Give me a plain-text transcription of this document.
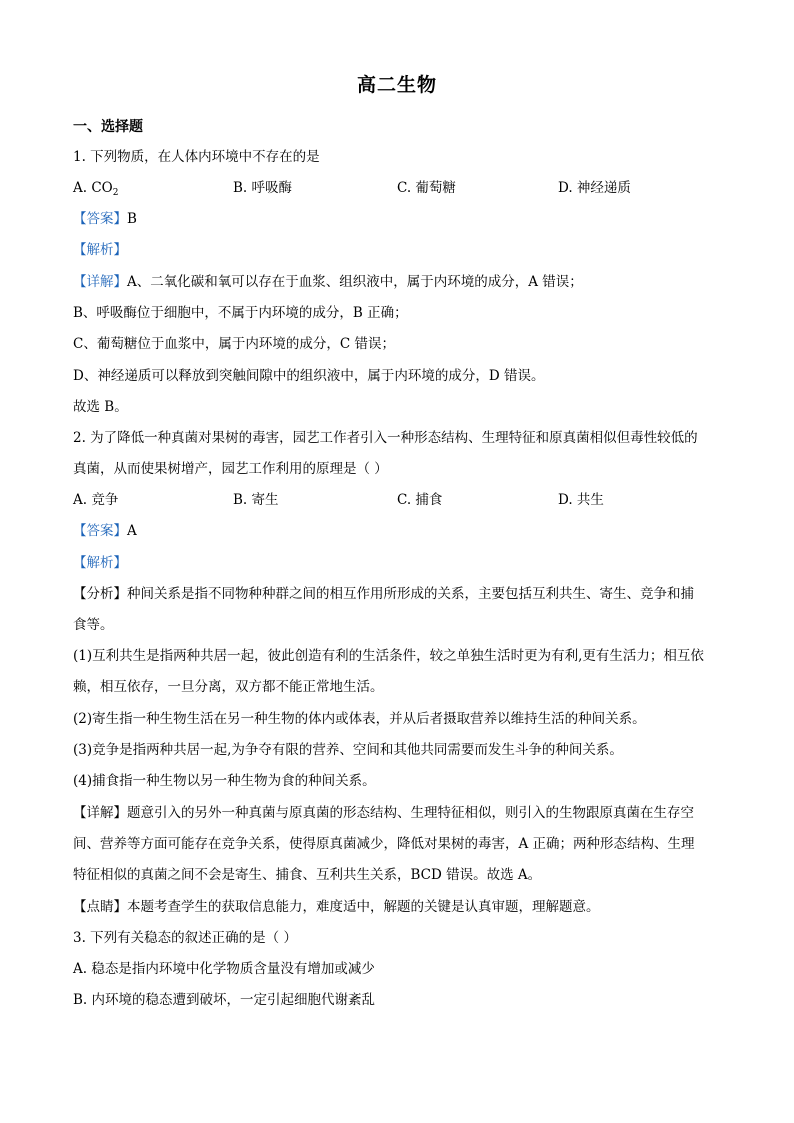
高二生物
一、选择题
1. 下列物质，在人体内环境中不存在的是
A. $CO_2$	B. 呼吸酶	C. 葡萄糖	D. 神经递质
【答案】B
【解析】
【详解】A、二氧化碳和氧可以存在于血浆、组织液中，属于内环境的成分，A 错误；
B、呼吸酶位于细胞中，不属于内环境的成分，B 正确；
C、葡萄糖位于血浆中，属于内环境的成分，C 错误；
D、神经递质可以释放到突触间隙中的组织液中，属于内环境的成分，D 错误。
故选 B。
2. 为了降低一种真菌对果树的毒害，园艺工作者引入一种形态结构、生理特征和原真菌相似但毒性较低的
真菌，从而使果树增产，园艺工作利用的原理是（ ）
A. 竞争	B. 寄生	C. 捕食	D. 共生
【答案】A
【解析】
【分析】种间关系是指不同物种种群之间的相互作用所形成的关系，主要包括互利共生、寄生、竞争和捕
食等。
(1)互利共生是指两种共居一起，彼此创造有利的生活条件，较之单独生活时更为有利,更有生活力；相互依
赖，相互依存，一旦分离，双方都不能正常地生活。
(2)寄生指一种生物生活在另一种生物的体内或体表，并从后者摄取营养以维持生活的种间关系。
(3)竞争是指两种共居一起,为争夺有限的营养、空间和其他共同需要而发生斗争的种间关系。
(4)捕食指一种生物以另一种生物为食的种间关系。
【详解】题意引入的另外一种真菌与原真菌的形态结构、生理特征相似，则引入的生物跟原真菌在生存空
间、营养等方面可能存在竞争关系，使得原真菌减少，降低对果树的毒害，A 正确；两种形态结构、生理
特征相似的真菌之间不会是寄生、捕食、互利共生关系，BCD 错误。故选 A。
【点睛】本题考查学生的获取信息能力，难度适中，解题的关键是认真审题，理解题意。
3. 下列有关稳态的叙述正确的是（ ）
A. 稳态是指内环境中化学物质含量没有增加或减少
B. 内环境的稳态遭到破坏，一定引起细胞代谢紊乱
